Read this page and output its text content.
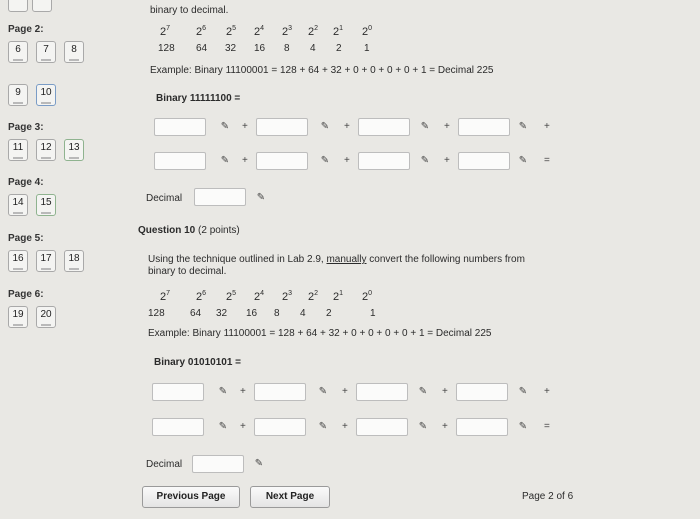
Page 2:
6	7	8
9	10
Page 3:
11	12	13
Page 4:
14	15
Page 5:
16	17	18
Page 6:
19	20
binary to decimal.
$2^7$ $2^6$ $2^5$ $2^4$ $2^3$ $2^2$ $2^1$ $2^0$
128 64 32 16 8 4 2 1
Example: Binary 11100001 = 128 + 64 + 32 + 0 + 0 + 0 + 0 + 1 = Decimal 225
Binary 11111100 =
✎ +	✎ +	✎ +	✎ +
✎ +	✎ +	✎ +	✎ =
Decimal	✎
Question 10 (2 points)
Using the technique outlined in Lab 2.9, manually convert the following numbers from
binary to decimal.
$2^7$ $2^6$ $2^5$ $2^4$ $2^3$ $2^2$ $2^1$ $2^0$
128	64 32 16 8 4 2	1
Example: Binary 11100001 = 128 + 64 + 32 + 0 + 0 + 0 + 0 + 1 = Decimal 225
Binary 01010101 =
✎ +	✎ +	✎ +	✎ +
✎ +	✎ +	✎ +	✎ =
Decimal	✎
Previous Page	Next Page	Page 2 of 6
